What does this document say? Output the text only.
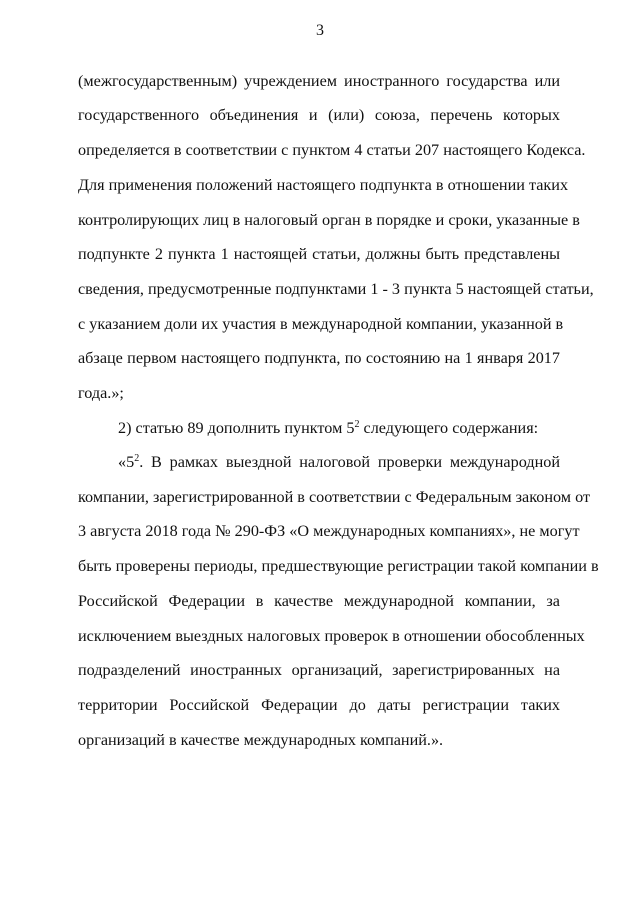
3
(межгосударственным) учреждением иностранного государства или
государственного объединения и (или) союза, перечень которых
определяется в соответствии с пунктом 4 статьи 207 настоящего Кодекса.
Для применения положений настоящего подпункта в отношении таких
контролирующих лиц в налоговый орган в порядке и сроки, указанные в
подпункте 2 пункта 1 настоящей статьи, должны быть представлены
сведения, предусмотренные подпунктами 1 - 3 пункта 5 настоящей статьи,
с указанием доли их участия в международной компании, указанной в
абзаце первом настоящего подпункта, по состоянию на 1 января 2017
года.»;
2) статью 89 дополнить пунктом $5^2$ следующего содержания:
«$5^2$. В рамках выездной налоговой проверки международной
компании, зарегистрированной в соответствии с Федеральным законом от
3 августа 2018 года № 290-ФЗ «О международных компаниях», не могут
быть проверены периоды, предшествующие регистрации такой компании в
Российской Федерации в качестве международной компании, за
исключением выездных налоговых проверок в отношении обособленных
подразделений иностранных организаций, зарегистрированных на
территории Российской Федерации до даты регистрации таких
организаций в качестве международных компаний.».
